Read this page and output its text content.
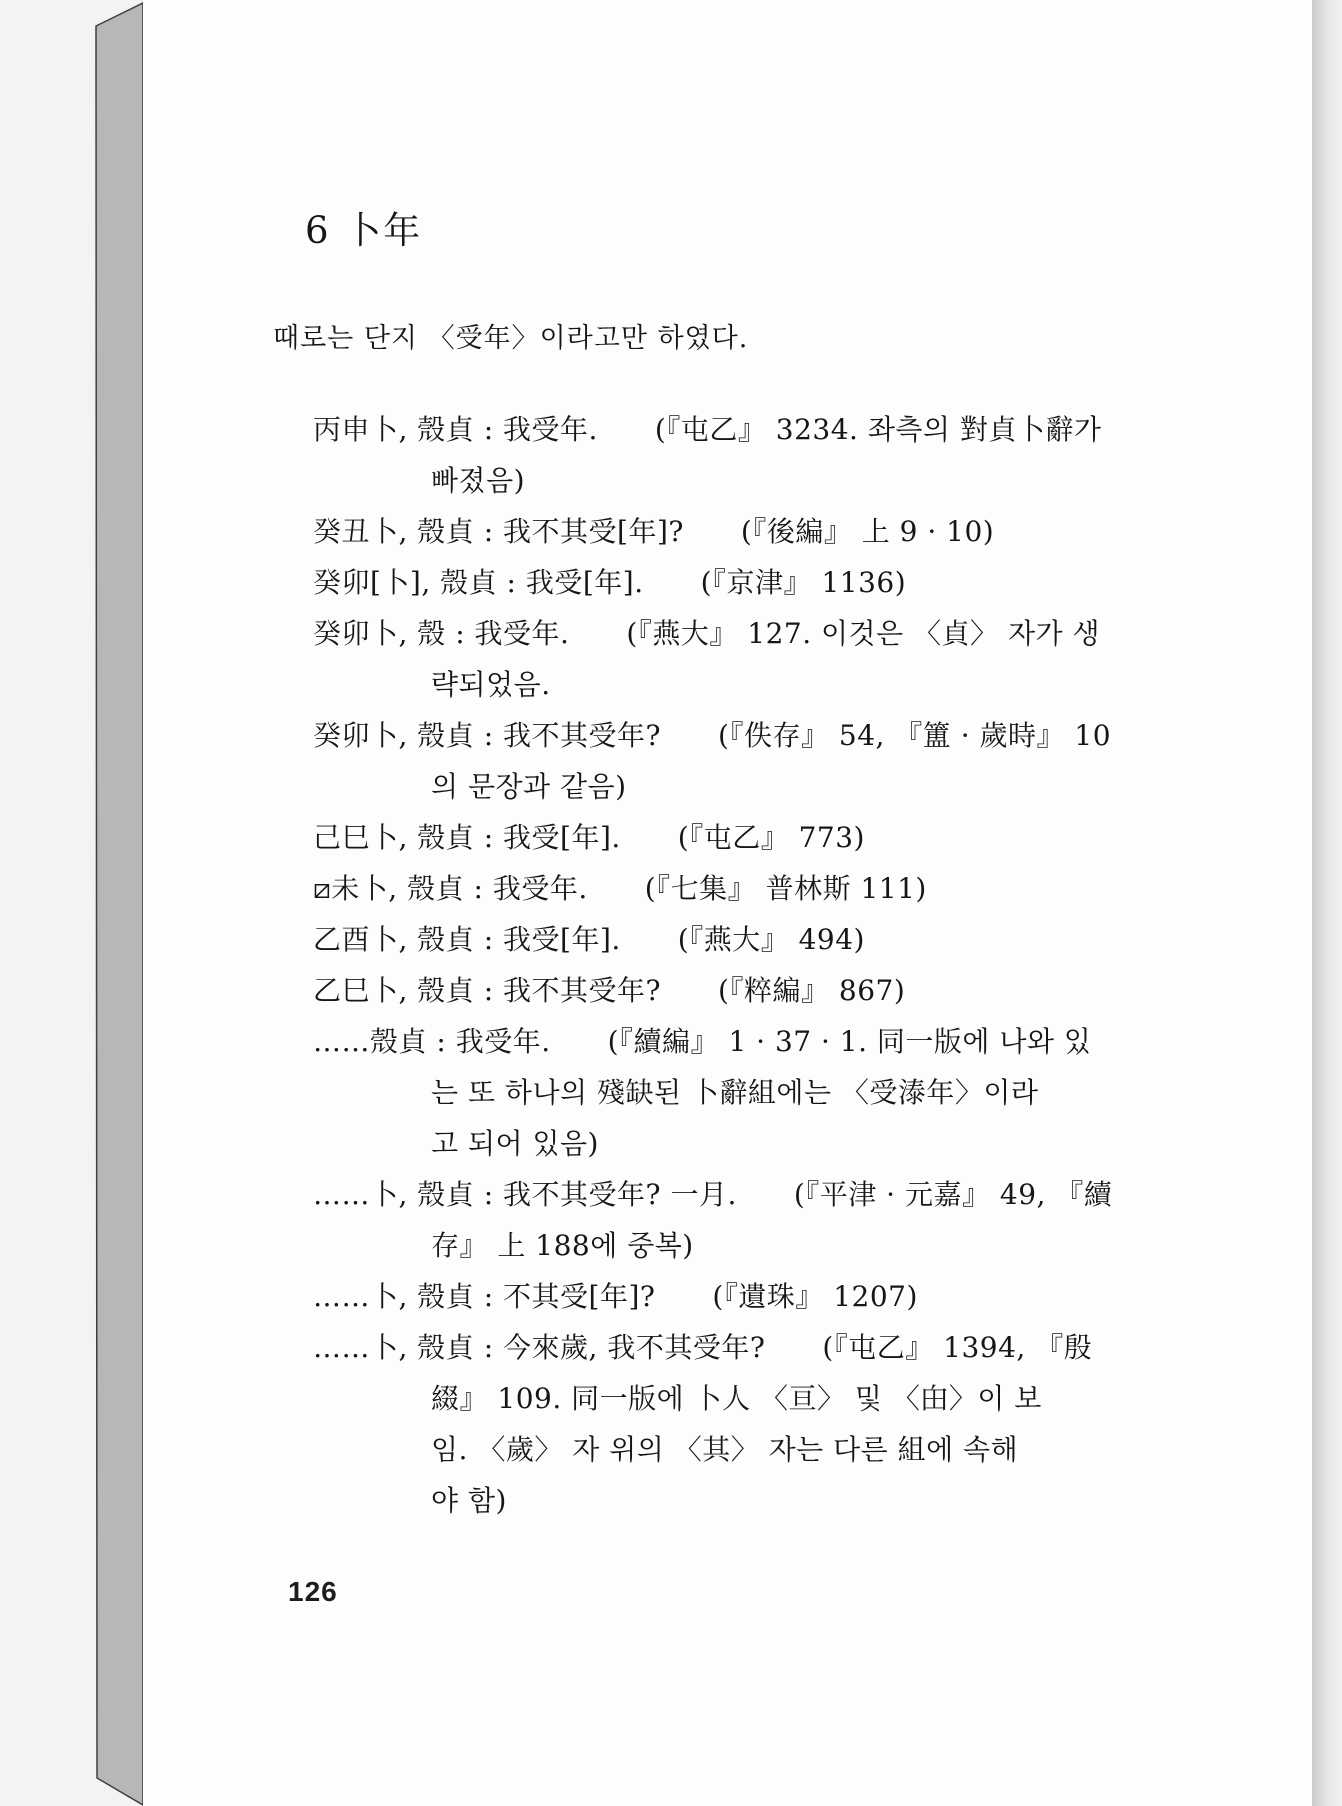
6 卜年

때로는 단지 〈受年〉이라고만 하였다.

丙申卜, 殼貞 : 我受年.　　(『屯乙』 3234. 좌측의 對貞卜辭가
빠졌음)
癸丑卜, 殼貞 : 我不其受[年]?　　(『後編』 上 9 · 10)
癸卯[卜], 殼貞 : 我受[年].　　(『京津』 1136)
癸卯卜, 殼 : 我受年.　　(『燕大』 127. 이것은 〈貞〉 자가 생
략되었음.
癸卯卜, 殼貞 : 我不其受年?　　(『佚存』 54, 『簠 · 歲時』 10
의 문장과 같음)
己巳卜, 殼貞 : 我受[年].　　(『屯乙』 773)
⧄未卜, 殼貞 : 我受年.　　(『七集』 普林斯 111)
乙酉卜, 殼貞 : 我受[年].　　(『燕大』 494)
乙巳卜, 殼貞 : 我不其受年?　　(『粹編』 867)
……殼貞 : 我受年.　　(『續編』 1 · 37 · 1. 同一版에 나와 있
는 또 하나의 殘缺된 卜辭組에는 〈受溙年〉이라
고 되어 있음)
……卜, 殼貞 : 我不其受年? 一月.　　(『平津 · 元嘉』 49, 『續
存』 上 188에 중복)
……卜, 殼貞 : 不其受[年]?　　(『遺珠』 1207)
……卜, 殼貞 : 今來歲, 我不其受年?　　(『屯乙』 1394, 『殷
綴』 109. 同一版에 卜人 〈亘〉 및 〈甶〉이 보
임. 〈歲〉 자 위의 〈其〉 자는 다른 組에 속해
야 함)
126
